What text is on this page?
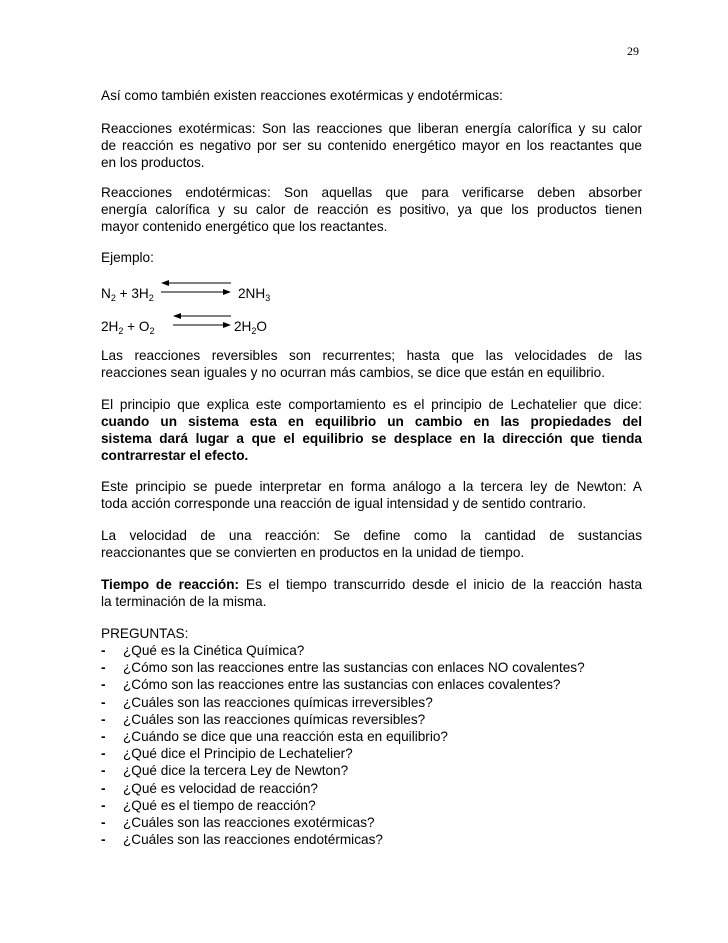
29

Así como también existen reacciones exotérmicas y endotérmicas:

Reacciones exotérmicas: Son las reacciones que liberan energía calorífica y su calor
de reacción es negativo por ser su contenido energético mayor en los reactantes que
en los productos.

Reacciones endotérmicas: Son aquellas que para verificarse deben absorber
energía calorífica y su calor de reacción es positivo, ya que los productos tienen
mayor contenido energético que los reactantes.

Ejemplo:

$N_2 + 3H_2$	$2NH_3$
$2H_2 + O_2$	$2H_2O$

Las reacciones reversibles son recurrentes; hasta que las velocidades de las
reacciones sean iguales y no ocurran más cambios, se dice que están en equilibrio.

El principio que explica este comportamiento es el principio de Lechatelier que dice:
cuando un sistema esta en equilibrio un cambio en las propiedades del
sistema dará lugar a que el equilibrio se desplace en la dirección que tienda
contrarrestar el efecto.

Este principio se puede interpretar en forma análogo a la tercera ley de Newton: A
toda acción corresponde una reacción de igual intensidad y de sentido contrario.

La velocidad de una reacción: Se define como la cantidad de sustancias
reaccionantes que se convierten en productos en la unidad de tiempo.

Tiempo de reacción: Es el tiempo transcurrido desde el inicio de la reacción hasta
la terminación de la misma.

PREGUNTAS:
- ¿Qué es la Cinética Química?
- ¿Cómo son las reacciones entre las sustancias con enlaces NO covalentes?
- ¿Cómo son las reacciones entre las sustancias con enlaces covalentes?
- ¿Cuáles son las reacciones químicas irreversibles?
- ¿Cuáles son las reacciones químicas reversibles?
- ¿Cuándo se dice que una reacción esta en equilibrio?
- ¿Qué dice el Principio de Lechatelier?
- ¿Qué dice la tercera Ley de Newton?
- ¿Qué es velocidad de reacción?
- ¿Qué es el tiempo de reacción?
- ¿Cuáles son las reacciones exotérmicas?
- ¿Cuáles son las reacciones endotérmicas?
